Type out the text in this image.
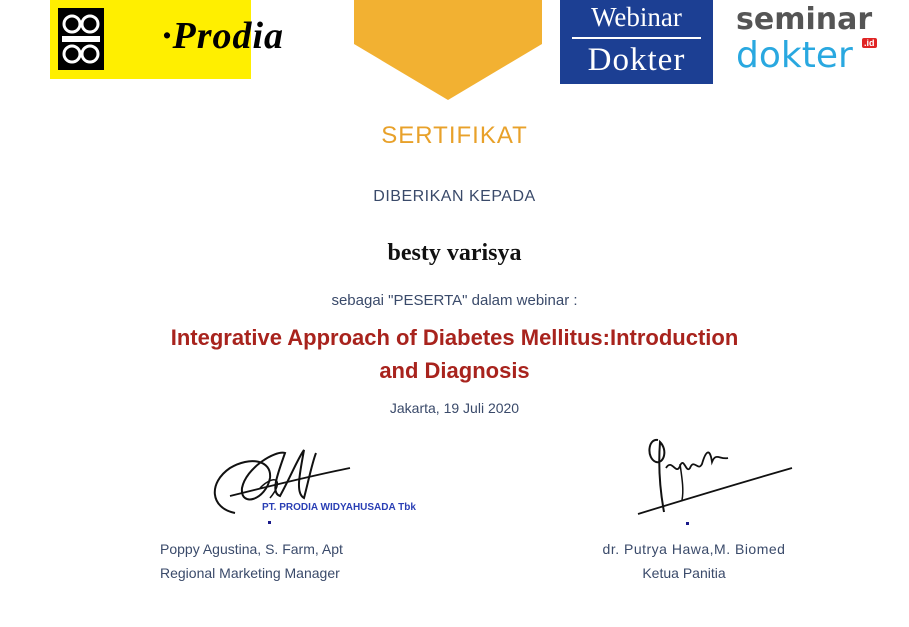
·Prodia	Webinar
Dokter
seminar
dokter .id
SERTIFIKAT
DIBERIKAN KEPADA
besty varisya
sebagai "PESERTA" dalam webinar :
Integrative Approach of Diabetes Mellitus:Introduction
and Diagnosis
Jakarta, 19 Juli 2020
PT. PRODIA WIDYAHUSADA Tbk
Poppy Agustina, S. Farm, Apt
Regional Marketing Manager
dr. Putrya Hawa,M. Biomed
Ketua Panitia
